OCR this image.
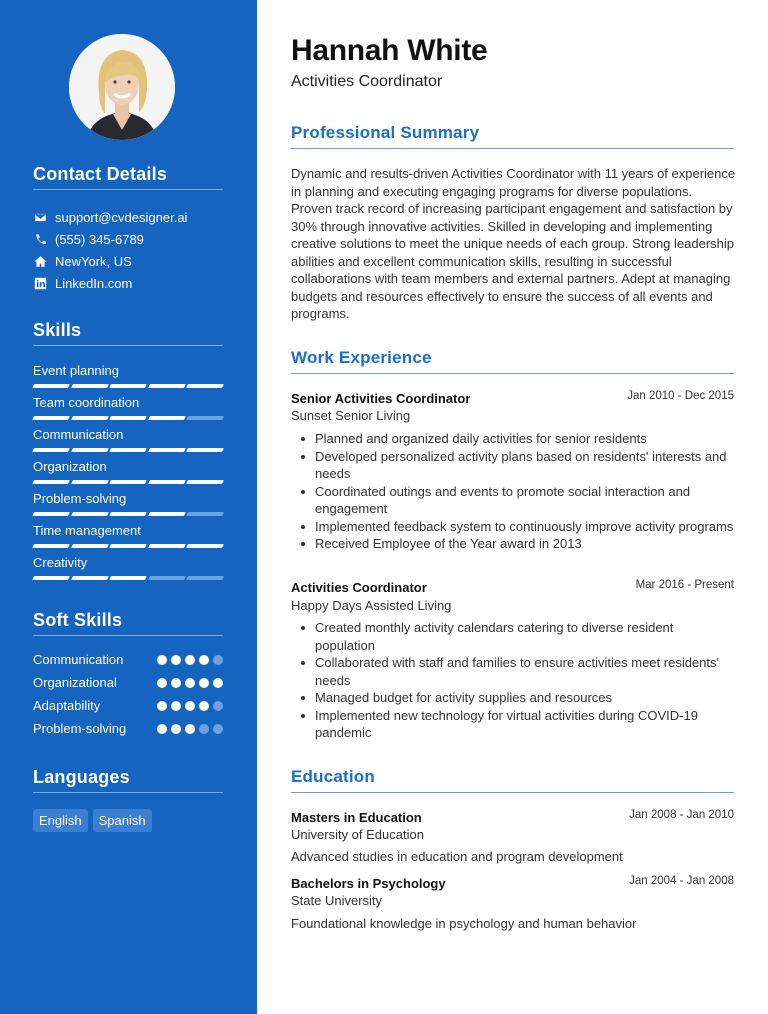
Contact Details
support@cvdesigner.ai
(555) 345-6789
NewYork, US
LinkedIn.com
Skills
Event planning
Team coordination
Communication
Organization
Problem-solving
Time management
Creativity
Soft Skills
Communication
Organizational
Adaptability
Problem-solving
Languages
English	Spanish
Hannah White
Activities Coordinator
Professional Summary
Dynamic and results-driven Activities Coordinator with 11 years of experience in planning and executing engaging programs for diverse populations. Proven track record of increasing participant engagement and satisfaction by 30% through innovative activities. Skilled in developing and implementing creative solutions to meet the unique needs of each group. Strong leadership abilities and excellent communication skills, resulting in successful collaborations with team members and external partners. Adept at managing budgets and resources effectively to ensure the success of all events and programs.
Work Experience
Senior Activities Coordinator	Jan 2010 - Dec 2015
Sunset Senior Living
Planned and organized daily activities for senior residents
Developed personalized activity plans based on residents' interests and needs
Coordinated outings and events to promote social interaction and engagement
Implemented feedback system to continuously improve activity programs
Received Employee of the Year award in 2013
Activities Coordinator	Mar 2016 - Present
Happy Days Assisted Living
Created monthly activity calendars catering to diverse resident population
Collaborated with staff and families to ensure activities meet residents' needs
Managed budget for activity supplies and resources
Implemented new technology for virtual activities during COVID-19 pandemic
Education
Masters in Education	Jan 2008 - Jan 2010
University of Education
Advanced studies in education and program development
Bachelors in Psychology	Jan 2004 - Jan 2008
State University
Foundational knowledge in psychology and human behavior
